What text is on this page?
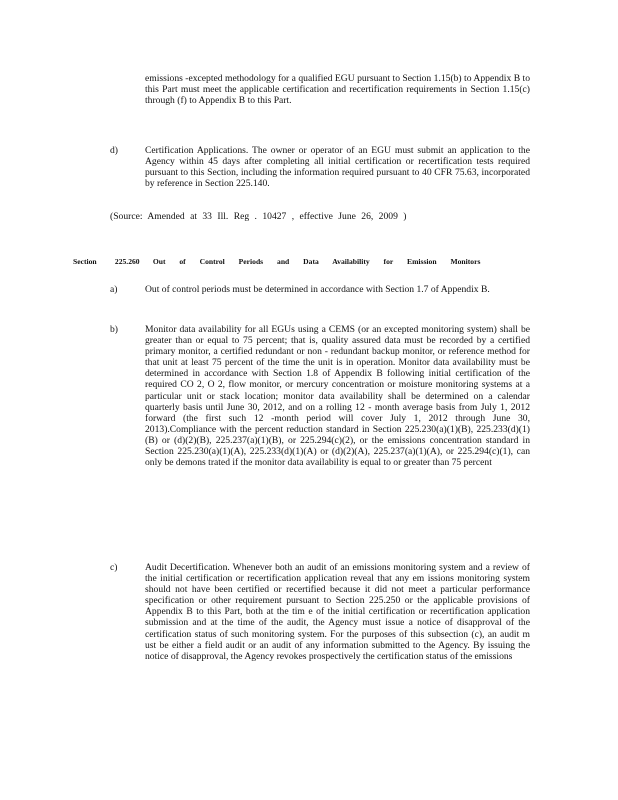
emissions -excepted methodology for a qualified EGU pursuant to Section 1.15(b) to Appendix B to this Part must meet the applicable certification and recertification requirements in Section 1.15(c) through (f) to Appendix B to this Part.

d)	Certification Applications. The owner or operator of an EGU must submit an application to the Agency within 45 days after completing all initial certification or recertification tests required pursuant to this Section, including the information required pursuant to 40 CFR 75.63, incorporated by reference in Section 225.140.

(Source: Amended at 33 Ill. Reg . 10427 , effective June 26, 2009 )
Section 225.260 Out of Control Periods and Data Availability for Emission Monitors
a)	Out of control periods must be determined in accordance with Section 1.7 of Appendix B.

b)	Monitor data availability for all EGUs using a CEMS (or an excepted monitoring system) shall be greater than or equal to 75 percent; that is, quality assured data must be recorded by a certified primary monitor, a certified redundant or non - redundant backup monitor, or reference method for that unit at least 75 percent of the time the unit is in operation. Monitor data availability must be determined in accordance with Section 1.8 of Appendix B following initial certification of the required CO 2, O 2, flow monitor, or mercury concentration or moisture monitoring systems at a particular unit or stack location; monitor data availability shall be determined on a calendar quarterly basis until June 30, 2012, and on a rolling 12 - month average basis from July 1, 2012 forward (the first such 12 -month period will cover July 1, 2012 through June 30, 2013).Compliance with the percent reduction standard in Section 225.230(a)(1)(B), 225.233(d)(1)(B) or (d)(2)(B), 225.237(a)(1)(B), or 225.294(c)(2), or the emissions concentration standard in Section 225.230(a)(1)(A), 225.233(d)(1)(A) or (d)(2)(A), 225.237(a)(1)(A), or 225.294(c)(1), can only be demons trated if the monitor data availability is equal to or greater than 75 percent

c)	Audit Decertification. Whenever both an audit of an emissions monitoring system and a review of the initial certification or recertification application reveal that any em issions monitoring system should not have been certified or recertified because it did not meet a particular performance specification or other requirement pursuant to Section 225.250 or the applicable provisions of Appendix B to this Part, both at the tim e of the initial certification or recertification application submission and at the time of the audit, the Agency must issue a notice of disapproval of the certification status of such monitoring system. For the purposes of this subsection (c), an audit m ust be either a field audit or an audit of any information submitted to the Agency. By issuing the notice of disapproval, the Agency revokes prospectively the certification status of the emissions
